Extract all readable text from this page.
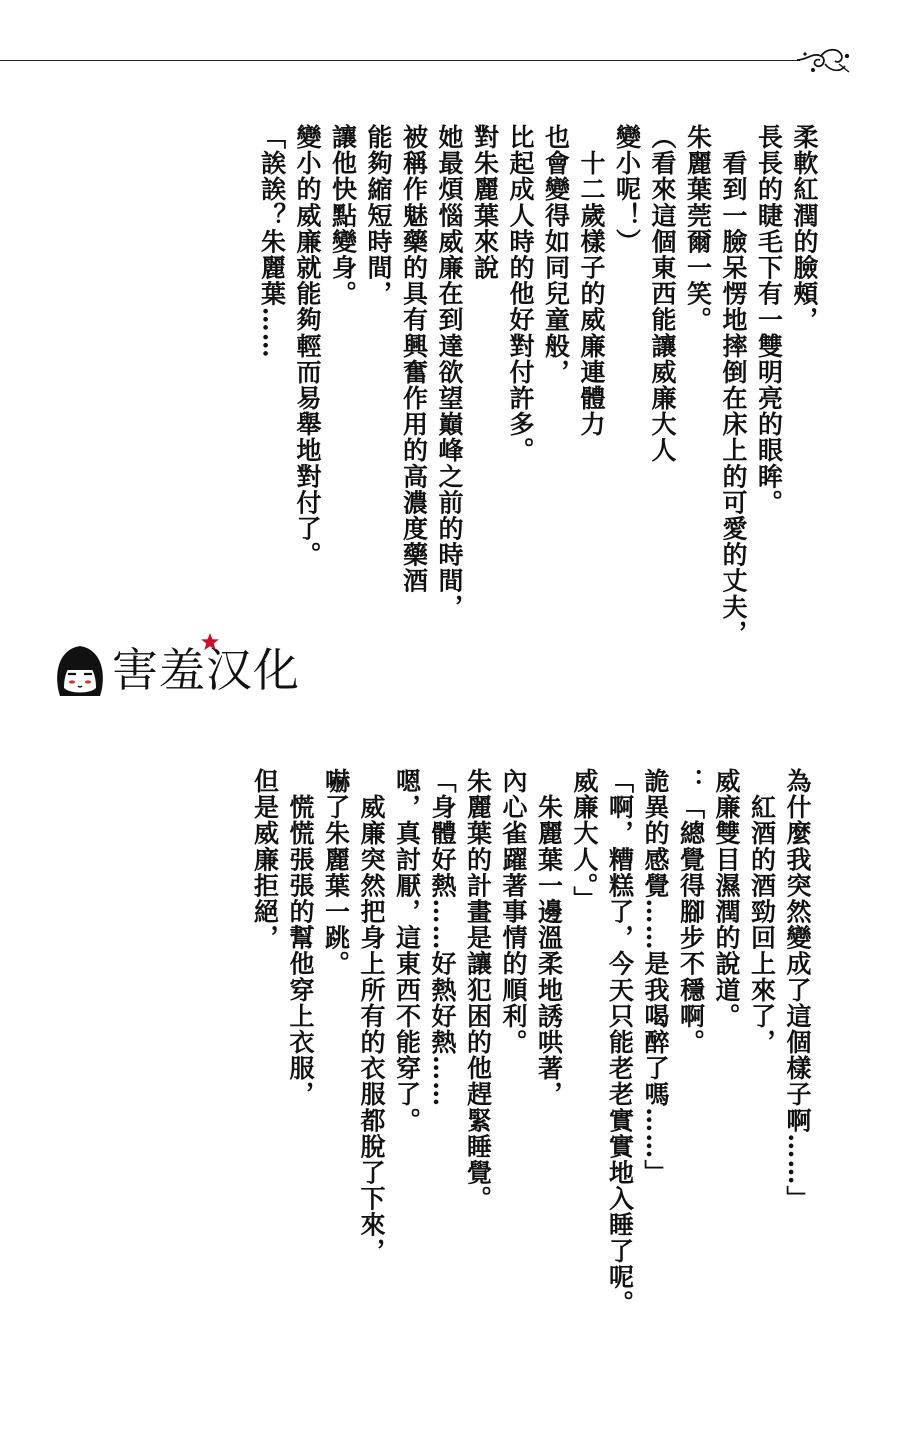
柔軟紅潤的臉頰，
長長的睫毛下有一雙明亮的眼眸。
　看到一臉呆愣地摔倒在床上的可愛的丈夫，
朱麗葉莞爾一笑。
（看來這個東西能讓威廉大人
變小呢！）
　十二歲樣子的威廉連體力
也會變得如同兒童般，
比起成人時的他好對付許多。
對朱麗葉來說
她最煩惱威廉在到達欲望巔峰之前的時間，
被稱作魅藥的具有興奮作用的高濃度藥酒
能夠縮短時間，
讓他快點變身。
變小的威廉就能夠輕而易舉地對付了。
「誒誒？朱麗葉……
為什麼我突然變成了這個樣子啊……」
　紅酒的酒勁回上來了，
威廉雙目濕潤的說道。
：「總覺得腳步不穩啊。
詭異的感覺……是我喝醉了嗎……」
「啊，糟糕了，今天只能老老實實地入睡了呢。
威廉大人。」
　朱麗葉一邊溫柔地誘哄著，
內心雀躍著事情的順利。
朱麗葉的計畫是讓犯困的他趕緊睡覺。
「身體好熱……好熱好熱……
嗯，真討厭，這東西不能穿了。
　威廉突然把身上所有的衣服都脫了下來，
嚇了朱麗葉一跳。
　慌慌張張的幫他穿上衣服，
但是威廉拒絕，
害羞汉化
